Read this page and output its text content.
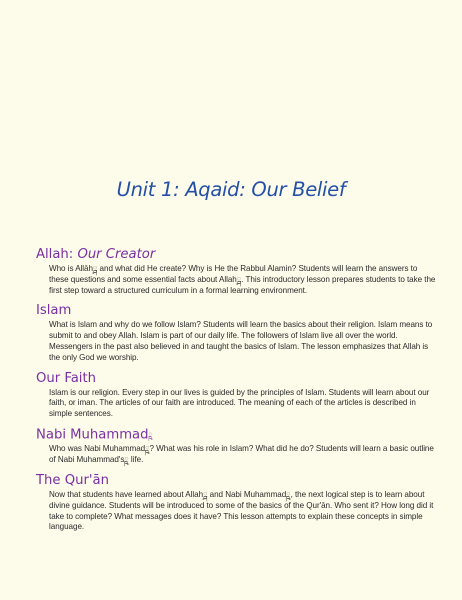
Unit 1: Aqaid: Our Belief
Allah: Our Creator

Who is Allāhྴ and what did He create? Why is He the Rabbul Alamin? Students will learn the answers to these questions and some essential facts about Allahྴ. This introductory lesson prepares students to take the first step toward a structured curriculum in a formal learning environment.

Islam

What is Islam and why do we follow Islam? Students will learn the basics about their religion. Islam means to submit to and obey Allah. Islam is part of our daily life. The followers of Islam live all over the world. Messengers in the past also believed in and taught the basics of Islam. The lesson emphasizes that Allah is the only God we worship.

Our Faith

Islam is our religion. Every step in our lives is guided by the principles of Islam. Students will learn about our faith, or iman. The articles of our faith are introduced. The meaning of each of the articles is described in simple sentences.

Nabi Muhammadྵ

Who was Nabi Muhammadྵ? What was his role in Islam? What did he do? Students will learn a basic outline of Nabi Muhammad'sྵ life.

The Qur'ān

Now that students have learned about Allahྴ and Nabi Muhammadྵ, the next logical step is to learn about divine guidance. Students will be introduced to some of the basics of the Qur'ān. Who sent it? How long did it take to complete? What messages does it have? This lesson attempts to explain these concepts in simple language.
